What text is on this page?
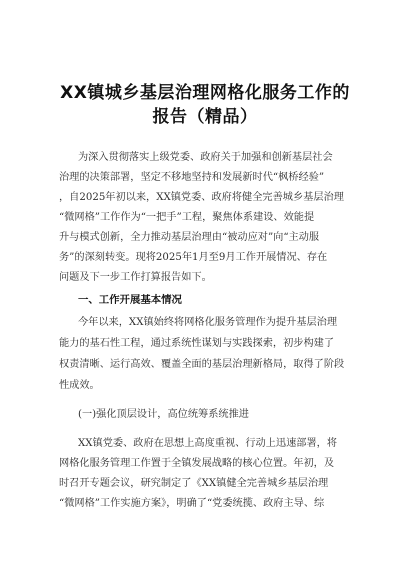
XX镇城乡基层治理网格化服务工作的
报告（精品）
为深入贯彻落实上级党委、政府关于加强和创新基层社会
治理的决策部署，坚定不移地坚持和发展新时代“枫桥经验”
，自2025年初以来，XX镇党委、政府将健全完善城乡基层治理
“微网格”工作作为“一把手”工程，聚焦体系建设、效能提
升与模式创新，全力推动基层治理由“被动应对”向“主动服
务”的深刻转变。现将2025年1月至9月工作开展情况、存在
问题及下一步工作打算报告如下。
一、工作开展基本情况
今年以来，XX镇始终将网格化服务管理作为提升基层治理
能力的基石性工程，通过系统性谋划与实践探索，初步构建了
权责清晰、运行高效、覆盖全面的基层治理新格局，取得了阶段
性成效。
(一)强化顶层设计，高位统筹系统推进
XX镇党委、政府在思想上高度重视、行动上迅速部署，将
网格化服务管理工作置于全镇发展战略的核心位置。年初，及
时召开专题会议，研究制定了《XX镇健全完善城乡基层治理
“微网格”工作实施方案》，明确了“党委统揽、政府主导、综
